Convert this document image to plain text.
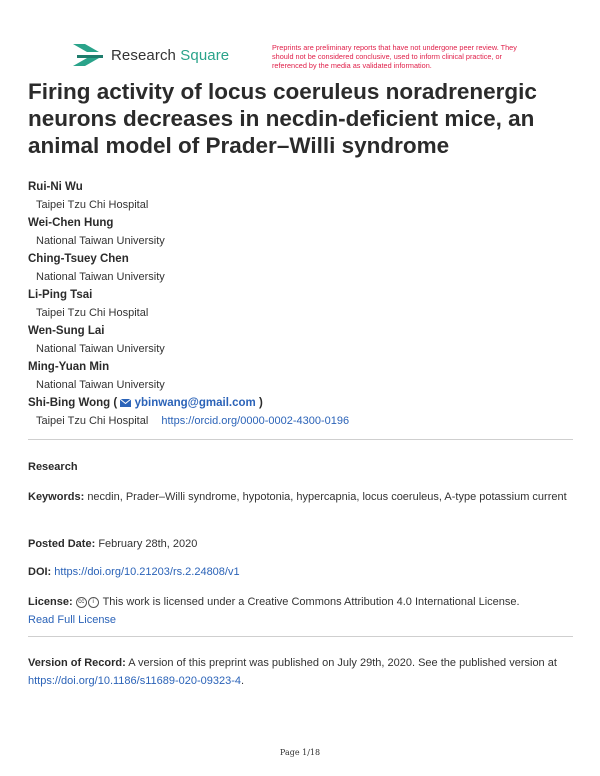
Research Square	Preprints are preliminary reports that have not undergone peer review. They should not be considered conclusive, used to inform clinical practice, or referenced by the media as validated information.
Firing activity of locus coeruleus noradrenergic neurons decreases in necdin-deficient mice, an animal model of Prader–Willi syndrome
Rui-Ni Wu
Taipei Tzu Chi Hospital
Wei-Chen Hung
National Taiwan University
Ching-Tsuey Chen
National Taiwan University
Li-Ping Tsai
Taipei Tzu Chi Hospital
Wen-Sung Lai
National Taiwan University
Ming-Yuan Min
National Taiwan University
Shi-Bing Wong (  ybinwang@gmail.com )
Taipei Tzu Chi Hospital https://orcid.org/0000-0002-4300-0196

Research

Keywords: necdin, Prader–Willi syndrome, hypotonia, hypercapnia, locus coeruleus, A-type potassium current

Posted Date: February 28th, 2020

DOI: https://doi.org/10.21203/rs.2.24808/v1

License: cc i This work is licensed under a Creative Commons Attribution 4.0 International License.
Read Full License

Version of Record: A version of this preprint was published on July 29th, 2020. See the published version at https://doi.org/10.1186/s11689-020-09323-4.

Page 1/18
